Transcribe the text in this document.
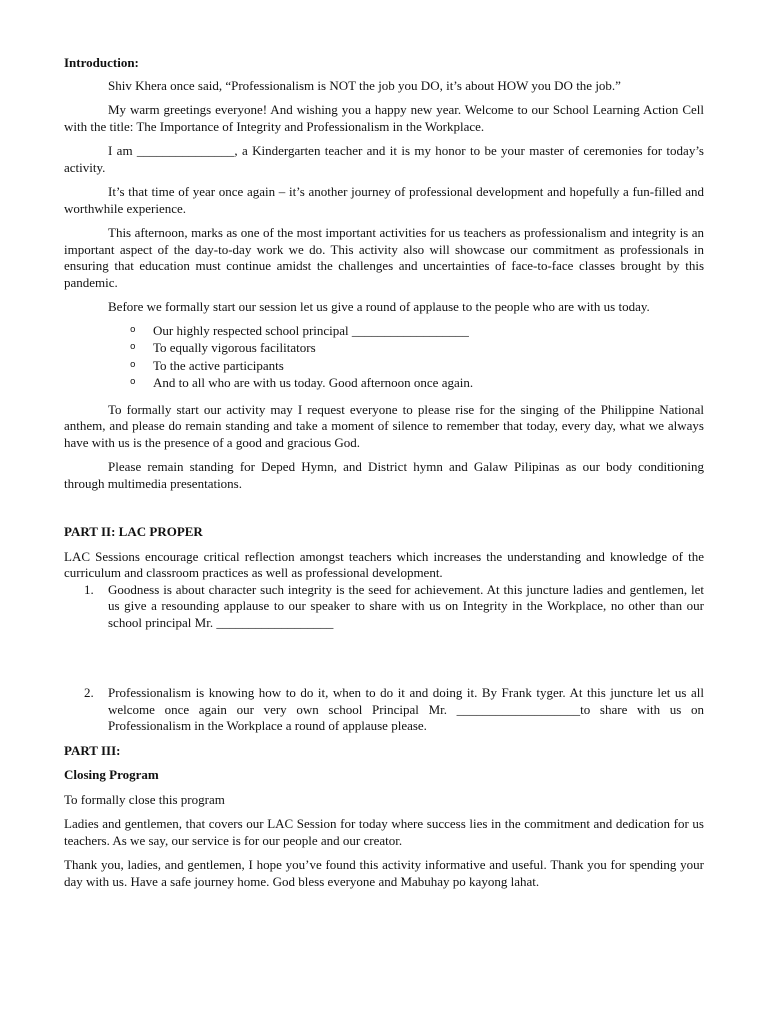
Introduction:

Shiv Khera once said, “Professionalism is NOT the job you DO, it’s about HOW you DO the job.”

My warm greetings everyone! And wishing you a happy new year. Welcome to our School Learning Action Cell with the title: The Importance of Integrity and Professionalism in the Workplace.

I am _______________, a Kindergarten teacher and it is my honor to be your master of ceremonies for today’s activity.

It’s that time of year once again – it’s another journey of professional development and hopefully a fun-filled and worthwhile experience.

This afternoon, marks as one of the most important activities for us teachers as professionalism and integrity is an important aspect of the day-to-day work we do. This activity also will showcase our commitment as professionals in ensuring that education must continue amidst the challenges and uncertainties of face-to-face classes brought by this pandemic.

Before we formally start our session let us give a round of applause to the people who are with us today.

o Our highly respected school principal __________________
o To equally vigorous facilitators
o To the active participants
o And to all who are with us today. Good afternoon once again.

To formally start our activity may I request everyone to please rise for the singing of the Philippine National anthem, and please do remain standing and take a moment of silence to remember that today, every day, what we always have with us is the presence of a good and gracious God.

Please remain standing for Deped Hymn, and District hymn and Galaw Pilipinas as our body conditioning through multimedia presentations.

PART II: LAC PROPER

LAC Sessions encourage critical reflection amongst teachers which increases the understanding and knowledge of the curriculum and classroom practices as well as professional development.

1. Goodness is about character such integrity is the seed for achievement. At this juncture ladies and gentlemen, let us give a resounding applause to our speaker to share with us on Integrity in the Workplace, no other than our school principal Mr. __________________
2. Professionalism is knowing how to do it, when to do it and doing it. By Frank tyger. At this juncture let us all welcome once again our very own school Principal Mr. ___________________to share with us on Professionalism in the Workplace a round of applause please.

PART III:

Closing Program

To formally close this program

Ladies and gentlemen, that covers our LAC Session for today where success lies in the commitment and dedication for us teachers. As we say, our service is for our people and our creator.

Thank you, ladies, and gentlemen, I hope you’ve found this activity informative and useful. Thank you for spending your day with us. Have a safe journey home. God bless everyone and Mabuhay po kayong lahat.
